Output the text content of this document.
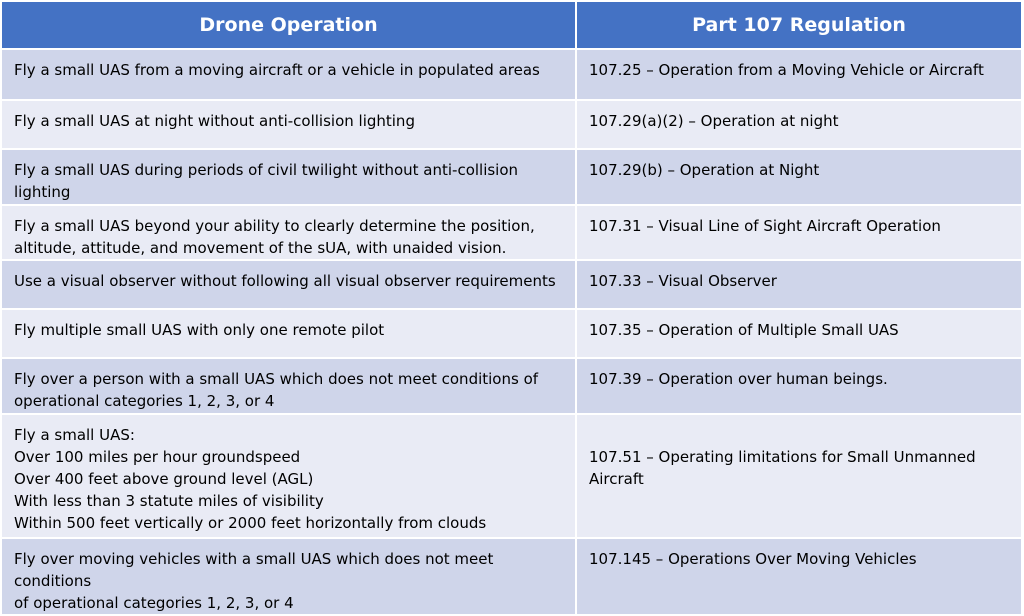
Drone Operation	Part 107 Regulation

Fly a small UAS from a moving aircraft or a vehicle in populated areas	107.25 – Operation from a Moving Vehicle or Aircraft

Fly a small UAS at night without anti-collision lighting	107.29(a)(2) – Operation at night

Fly a small UAS during periods of civil twilight without anti-collision
lighting	107.29(b) – Operation at Night

Fly a small UAS beyond your ability to clearly determine the position,
altitude, attitude, and movement of the sUA, with unaided vision.	107.31 – Visual Line of Sight Aircraft Operation

Use a visual observer without following all visual observer requirements	107.33 – Visual Observer

Fly multiple small UAS with only one remote pilot	107.35 – Operation of Multiple Small UAS

Fly over a person with a small UAS which does not meet conditions of
operational categories 1, 2, 3, or 4	107.39 – Operation over human beings.

Fly a small UAS:
Over 100 miles per hour groundspeed
Over 400 feet above ground level (AGL)
With less than 3 statute miles of visibility
Within 500 feet vertically or 2000 feet horizontally from clouds	107.51 – Operating limitations for Small Unmanned
Aircraft

Fly over moving vehicles with a small UAS which does not meet conditions
of operational categories 1, 2, 3, or 4	107.145 – Operations Over Moving Vehicles
